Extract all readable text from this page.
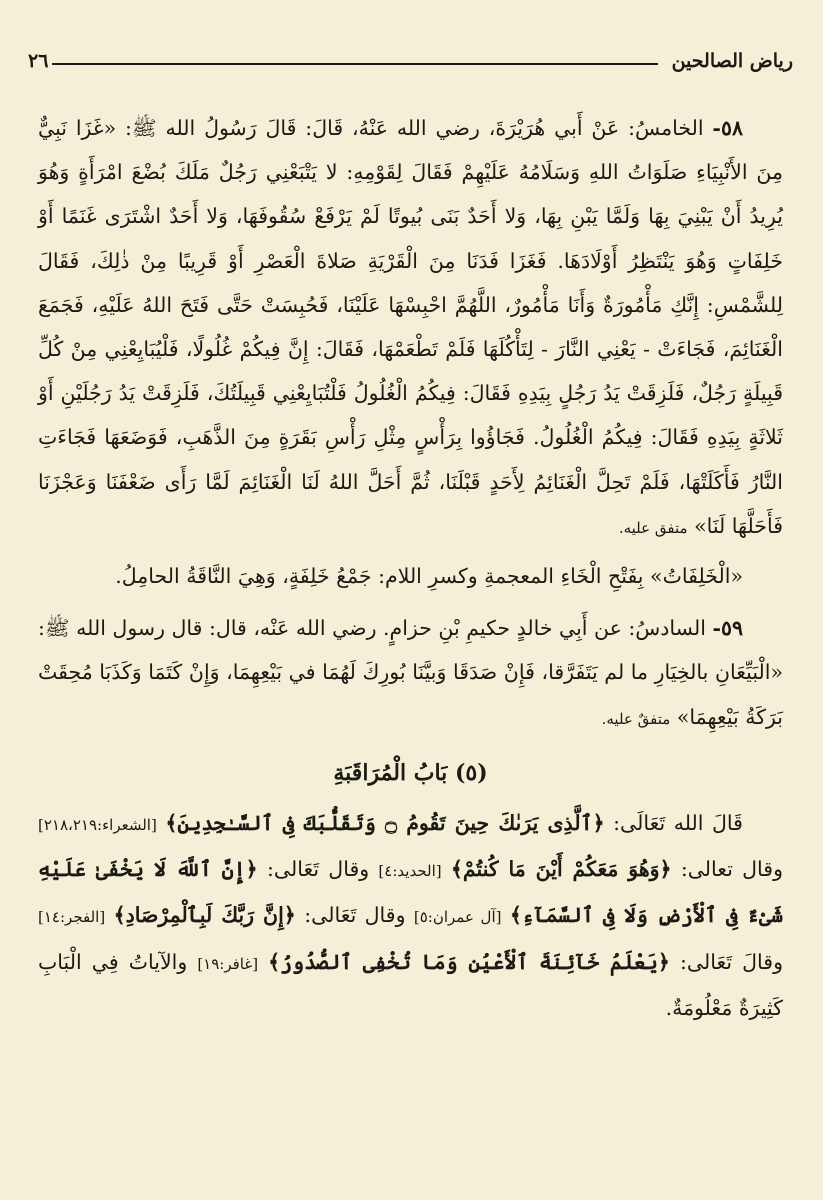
رياض الصالحين
٢٦

٥٨- الخامسُ: عَنْ أَبي هُرَيْرَةَ، رضي الله عَنْهُ، قَالَ: قَالَ رَسُولُ الله ﷺ: «غَزَا نَبِيٌّ مِنَ الأَنْبِيَاءِ صَلَوَاتُ اللهِ وَسَلَامُهُ عَلَيْهِمْ فَقَالَ لِقَوْمِهِ: لا يَتْبَعْنِي رَجُلٌ مَلَكَ بُضْعَ امْرَأَةٍ وَهُوَ يُرِيدُ أَنْ يَبْنِيَ بِهَا وَلَمَّا يَبْنِ بِهَا، وَلا أَحَدٌ بَنَى بُيوتًا لَمْ يَرْفَعْ سُقُوفَهَا، وَلا أَحَدٌ اشْتَرَى غَنَمًا أَوْ خَلِفَاتٍ وَهُوَ يَنْتَظِرُ أَوْلَادَهَا. فَغَزَا فَدَنَا مِنَ الْقَرْيَةِ صَلاةَ الْعَصْرِ أَوْ قَرِيبًا مِنْ ذٰلِكَ، فَقَالَ لِلشَّمْسِ: إِنَّكِ مَأْمُورَةٌ وَأَنَا مَأْمُورٌ، اللَّهُمَّ احْبِسْهَا عَلَيْنَا، فَحُبِسَتْ حَتَّى فَتَحَ اللهُ عَلَيْهِ، فَجَمَعَ الْغَنَائِمَ، فَجَاءَتْ - يَعْنِي النَّارَ - لِتَأْكُلَهَا فَلَمْ تَطْعَمْهَا، فَقَالَ: إِنَّ فِيكُمْ غُلُولًا، فَلْيُبَايِعْنِي مِنْ كُلِّ قَبِيلَةٍ رَجُلٌ، فَلَزِقَتْ يَدُ رَجُلٍ بِيَدِهِ فَقَالَ: فِيكُمُ الْغُلُولُ فَلْتُبَايِعْنِي قَبِيلَتُكَ، فَلَزِقَتْ يَدُ رَجُلَيْنِ أَوْ ثَلاثَةٍ بِيَدِهِ فَقَالَ: فِيكُمُ الْغُلُولُ. فَجَاؤُوا بِرَأْسٍ مِثْلِ رَأْسِ بَقَرَةٍ مِنَ الذَّهَبِ، فَوَضَعَهَا فَجَاءَتِ النَّارُ فَأَكَلَتْهَا، فَلَمْ تَحِلَّ الْغَنَائِمُ لِأَحَدٍ قَبْلَنَا، ثُمَّ أَحَلَّ اللهُ لَنَا الْغَنَائِمَ لَمَّا رَأَى ضَعْفَنَا وَعَجْزَنَا فَأَحَلَّهَا لَنَا» متفق عليه.

«الْخَلِفَاتُ» بِفَتْحِ الْخَاءِ المعجمةِ وكسرِ اللام: جَمْعُ خَلِفَةٍ، وَهِيَ النَّاقَةُ الحامِلُ.

٥٩- السادسُ: عن أَبِي خالدٍ حكيمِ بْنِ حزامٍ. رضي الله عَنْه، قال: قال رسول الله ﷺ: «الْبَيِّعَانِ بالخِيَارِ ما لم يَتَفَرَّقا، فَإِنْ صَدَقَا وَبيَّنَا بُورِكَ لَهُمَا في بَيْعِهِمَا، وَإِنْ كَتَمَا وَكَذَبَا مُحِقَتْ بَرَكَةُ بَيْعِهِمَا» متفقٌ عليه.

(٥) بَابُ الْمُرَاقَبَةِ

قَالَ الله تَعَالَى: ﴿ٱلَّذِى يَرَىٰكَ حِينَ تَقُومُ ۝ وَتَقَلُّبَكَ فِى ٱلسَّـٰجِدِينَ﴾ [الشعراء:٢١٨،٢١٩] وقال تعالى: ﴿وَهُوَ مَعَكُمْ أَيْنَ مَا كُنتُمْ﴾ [الحديد:٤] وقال تَعَالى: ﴿إِنَّ ٱللَّهَ لَا يَخْفَىٰ عَلَيْهِ شَىْءٌ فِى ٱلْأَرْضِ وَلَا فِى ٱلسَّمَآءِ﴾ [آل عمران:٥] وقال تَعَالى: ﴿إِنَّ رَبَّكَ لَبِٱلْمِرْصَادِ﴾ [الفجر:١٤] وقالَ تَعَالى: ﴿يَعْلَمُ خَآئِنَةَ ٱلْأَعْيُنِ وَمَا تُخْفِى ٱلصُّدُورُ﴾ [غافر:١٩] والآياتُ فِي الْبَابِ كَثِيرَةٌ مَعْلُومَةٌ.
